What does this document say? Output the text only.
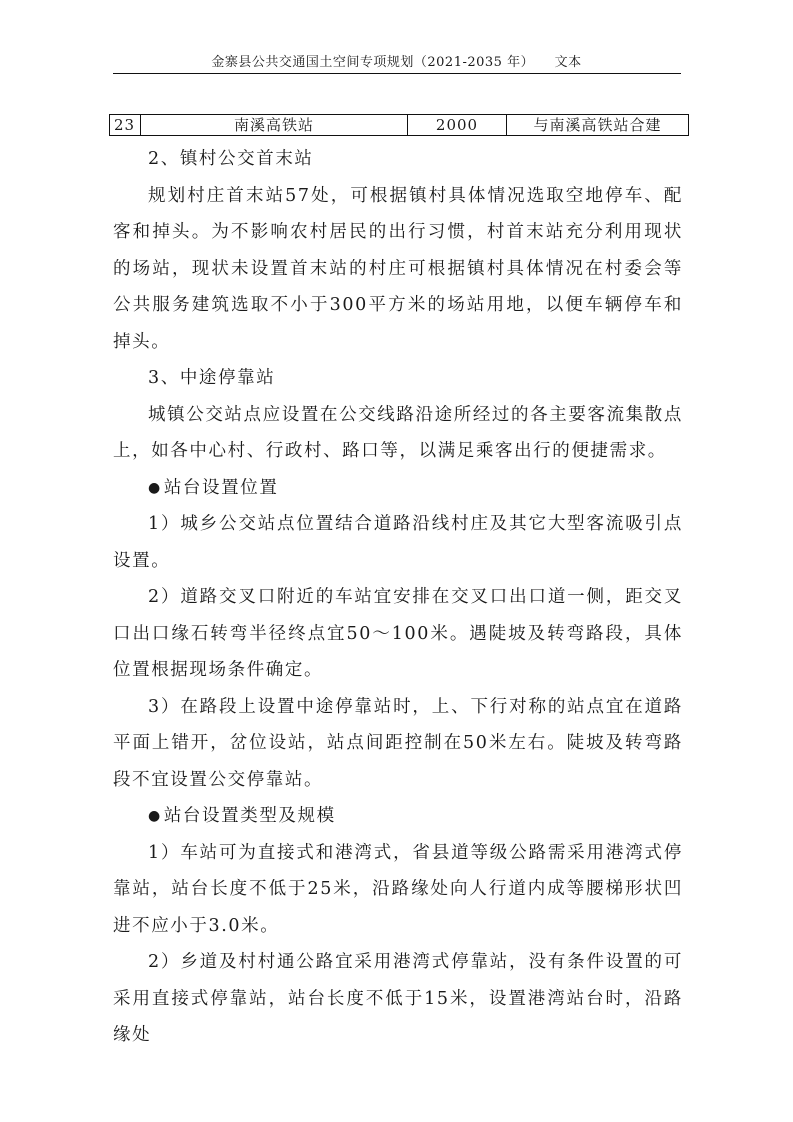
金寨县公共交通国土空间专项规划（2021-2035 年）　　文本
23	南溪高铁站	2000	与南溪高铁站合建

2、镇村公交首末站

规划村庄首末站57处，可根据镇村具体情况选取空地停车、配客和掉头。为不影响农村居民的出行习惯，村首末站充分利用现状的场站，现状未设置首末站的村庄可根据镇村具体情况在村委会等公共服务建筑选取不小于300平方米的场站用地，以便车辆停车和掉头。

3、中途停靠站

城镇公交站点应设置在公交线路沿途所经过的各主要客流集散点上，如各中心村、行政村、路口等，以满足乘客出行的便捷需求。

● 站台设置位置

1）城乡公交站点位置结合道路沿线村庄及其它大型客流吸引点设置。

2）道路交叉口附近的车站宜安排在交叉口出口道一侧，距交叉口出口缘石转弯半径终点宜50～100米。遇陡坡及转弯路段，具体位置根据现场条件确定。

3）在路段上设置中途停靠站时，上、下行对称的站点宜在道路平面上错开，岔位设站，站点间距控制在50米左右。陡坡及转弯路段不宜设置公交停靠站。

● 站台设置类型及规模

1）车站可为直接式和港湾式，省县道等级公路需采用港湾式停靠站，站台长度不低于25米，沿路缘处向人行道内成等腰梯形状凹进不应小于3.0米。

2）乡道及村村通公路宜采用港湾式停靠站，没有条件设置的可采用直接式停靠站，站台长度不低于15米，设置港湾站台时，沿路缘处
